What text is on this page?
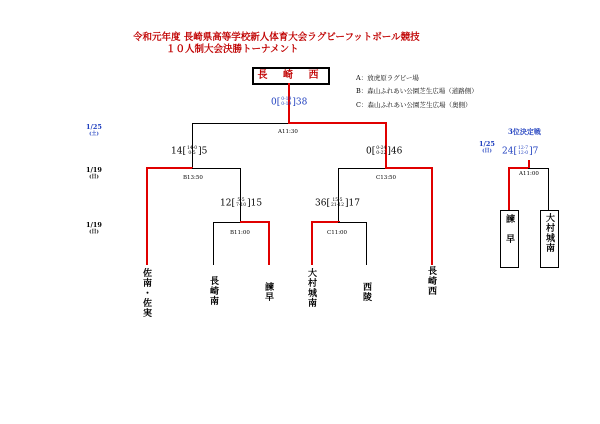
令和元年度 長崎県高等学校新人体育大会ラグビーフットボール競技
１０人制大会決勝トーナメント
長 崎 西	A：放虎原ラグビー場
B：森山ふれあい公園芝生広場（道路側）
C：森山ふれあい公園芝生広場（奥側）
1/25
(土)
1/19
(日)
1/19
(日)
1/25
(日)
3位決定戦
0[0-19
0-19]38
A11:30
14[14-0
0-5 ]5
B13:50
0[0-24
0-22]46
C13:50
12[ 5-5
7-10]15
B11:00
36[ 15-5
21-12]17
C11:00
佐南・佐実	長崎南	諫早	大村城南	西陵	長崎西
24[12-7
12-0]7
A11:00
諫　早	大村城南
